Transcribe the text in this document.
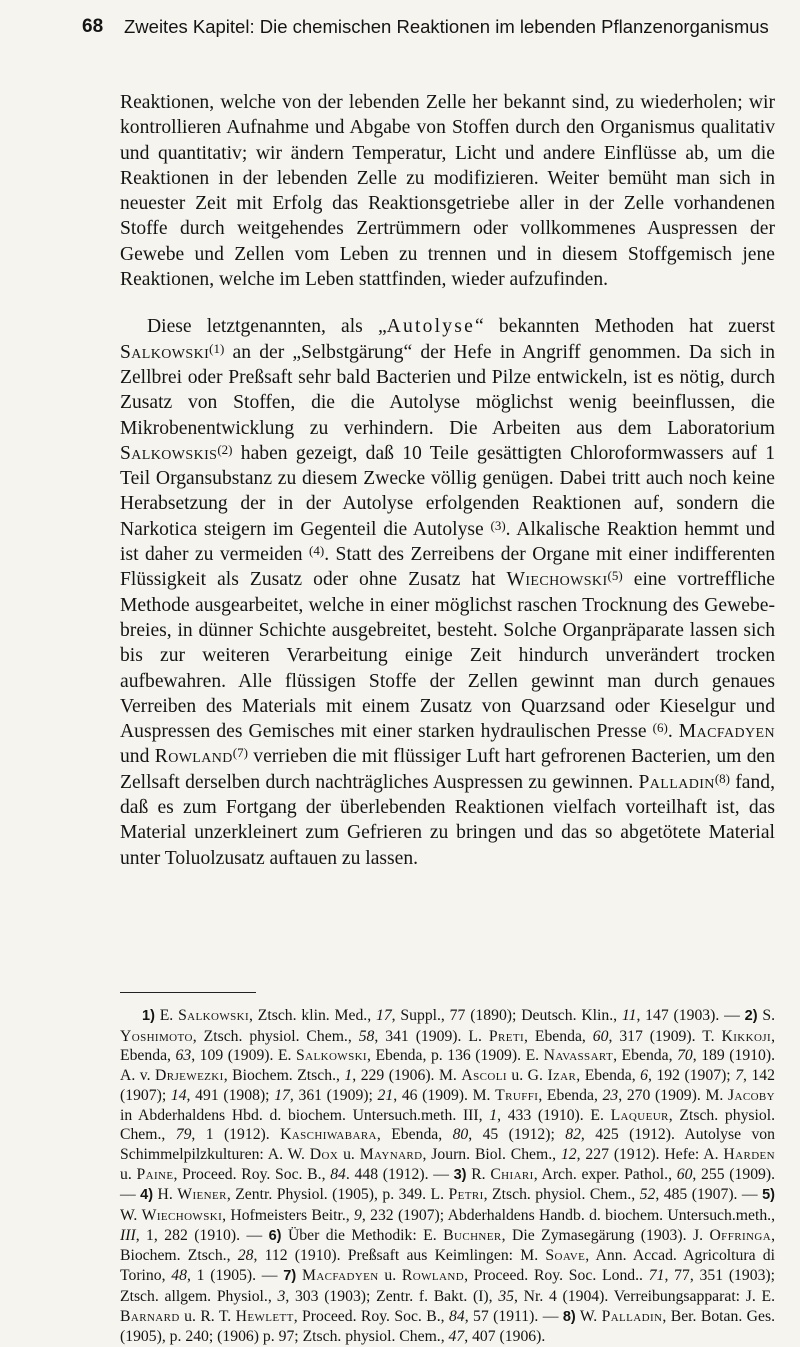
68 Zweites Kapitel: Die chemischen Reaktionen im lebenden Pflanzenorganismus

Reaktionen, welche von der lebenden Zelle her bekannt sind, zu wiederholen; wir kontrollieren Aufnahme und Abgabe von Stoffen durch den Organismus qualitativ und quantitativ; wir ändern Temperatur, Licht und andere Einflüsse ab, um die Reaktionen in der lebenden Zelle zu modifizieren. Weiter bemüht man sich in neuester Zeit mit Erfolg das Reaktionsgetriebe aller in der Zelle vorhandenen Stoffe durch weitgehendes Zertrümmern oder vollkommenes Auspressen der Gewebe und Zellen vom Leben zu trennen und in diesem Stoffgemisch jene Reaktionen, welche im Leben stattfinden, wieder aufzufinden.

Diese letztgenannten, als „Autolyse“ bekannten Methoden hat zuerst Salkowski$^{(1)}$ an der „Selbstgärung“ der Hefe in Angriff genommen. Da sich in Zellbrei oder Preßsaft sehr bald Bacterien und Pilze entwickeln, ist es nötig, durch Zusatz von Stoffen, die die Autolyse möglichst wenig beeinflussen, die Mikrobenentwicklung zu verhindern. Die Arbeiten aus dem Laboratorium Salkowskis$^{(2)}$ haben gezeigt, daß 10 Teile gesättigten Chloroformwassers auf 1 Teil Organsubstanz zu diesem Zwecke völlig genügen. Dabei tritt auch noch keine Herabsetzung der in der Autolyse erfolgenden Reaktionen auf, sondern die Narkotica steigern im Gegenteil die Autolyse $^{(3)}$. Alkalische Reaktion hemmt und ist daher zu vermeiden $^{(4)}$. Statt des Zerreibens der Organe mit einer indifferenten Flüssigkeit als Zusatz oder ohne Zusatz hat Wiechowski$^{(5)}$ eine vortreffliche Methode ausgearbeitet, welche in einer möglichst raschen Trocknung des Gewebebreies, in dünner Schichte ausgebreitet, besteht. Solche Organpräparate lassen sich bis zur weiteren Verarbeitung einige Zeit hindurch unverändert trocken aufbewahren. Alle flüssigen Stoffe der Zellen gewinnt man durch genaues Verreiben des Materials mit einem Zusatz von Quarzsand oder Kieselgur und Auspressen des Gemisches mit einer starken hydraulischen Presse $^{(6)}$. Macfadyen und Rowland$^{(7)}$ verrieben die mit flüssiger Luft hart gefrorenen Bacterien, um den Zellsaft derselben durch nachträgliches Auspressen zu gewinnen. Palladin$^{(8)}$ fand, daß es zum Fortgang der überlebenden Reaktionen vielfach vorteilhaft ist, das Material unzerkleinert zum Gefrieren zu bringen und das so abgetötete Material unter Toluolzusatz auftauen zu lassen.

1) E. Salkowski, Ztsch. klin. Med., 17, Suppl., 77 (1890); Deutsch. Klin., 11, 147 (1903). — 2) S. Yoshimoto, Ztsch. physiol. Chem., 58, 341 (1909). L. Preti, Ebenda, 60, 317 (1909). T. Kikkoji, Ebenda, 63, 109 (1909). E. Salkowski, Ebenda, p. 136 (1909). E. Navassart, Ebenda, 70, 189 (1910). A. v. Drjewezki, Biochem. Ztsch., 1, 229 (1906). M. Ascoli u. G. Izar, Ebenda, 6, 192 (1907); 7, 142 (1907); 14, 491 (1908); 17, 361 (1909); 21, 46 (1909). M. Truffi, Ebenda, 23, 270 (1909). M. Jacoby in Abderhaldens Hbd. d. biochem. Untersuch.meth. III, 1, 433 (1910). E. Laqueur, Ztsch. physiol. Chem., 79, 1 (1912). Kaschiwabara, Ebenda, 80, 45 (1912); 82, 425 (1912). Autolyse von Schimmelpilzkulturen: A. W. Dox u. Maynard, Journ. Biol. Chem., 12, 227 (1912). Hefe: A. Harden u. Paine, Proceed. Roy. Soc. B., 84. 448 (1912). — 3) R. Chiari, Arch. exper. Pathol., 60, 255 (1909). — 4) H. Wiener, Zentr. Physiol. (1905), p. 349. L. Petri, Ztsch. physiol. Chem., 52, 485 (1907). — 5) W. Wiechowski, Hofmeisters Beitr., 9, 232 (1907); Abderhaldens Handb. d. biochem. Untersuch.meth., III, 1, 282 (1910). — 6) Über die Methodik: E. Buchner, Die Zymasegärung (1903). J. Offringa, Biochem. Ztsch., 28, 112 (1910). Preßsaft aus Keimlingen: M. Soave, Ann. Accad. Agricoltura di Torino, 48, 1 (1905). — 7) Macfadyen u. Rowland, Proceed. Roy. Soc. Lond.. 71, 77, 351 (1903); Ztsch. allgem. Physiol., 3, 303 (1903); Zentr. f. Bakt. (I), 35, Nr. 4 (1904). Verreibungsapparat: J. E. Barnard u. R. T. Hewlett, Proceed. Roy. Soc. B., 84, 57 (1911). — 8) W. Palladin, Ber. Botan. Ges. (1905), p. 240; (1906) p. 97; Ztsch. physiol. Chem., 47, 407 (1906).
